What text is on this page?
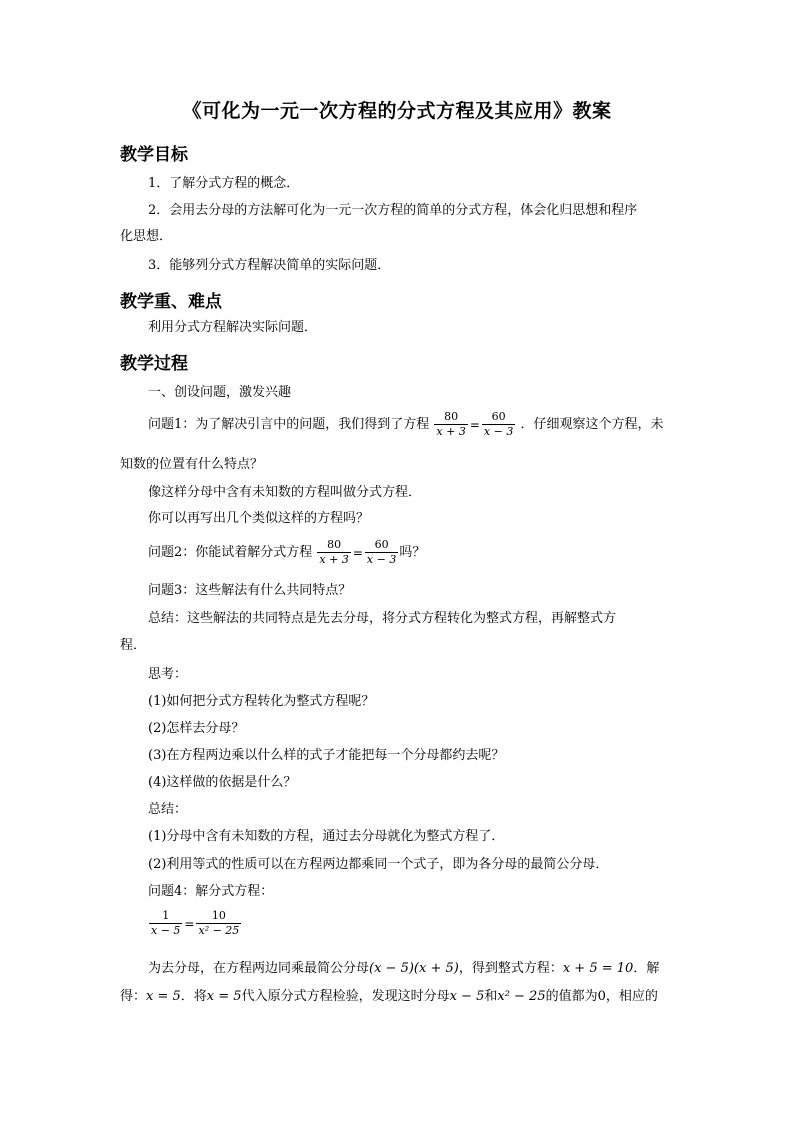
《可化为一元一次方程的分式方程及其应用》教案
教学目标
1．了解分式方程的概念．
2．会用去分母的方法解可化为一元一次方程的简单的分式方程，体会化归思想和程序
化思想．
3．能够列分式方程解决简单的实际问题．
教学重、难点
利用分式方程解决实际问题．
教学过程
一、创设问题，激发兴趣
问题1：为了解决引言中的问题，我们得到了方程 $\frac{80}{x + 3} = \frac{60}{x - 3}$ ．仔细观察这个方程，未
知数的位置有什么特点？
像这样分母中含有未知数的方程叫做分式方程．
你可以再写出几个类似这样的方程吗？
问题2：你能试着解分式方程 $\frac{80}{x + 3} = \frac{60}{x - 3}$ 吗？
问题3：这些解法有什么共同特点？
总结：这些解法的共同特点是先去分母，将分式方程转化为整式方程，再解整式方
程．
思考：
(1)如何把分式方程转化为整式方程呢？
(2)怎样去分母？
(3)在方程两边乘以什么样的式子才能把每一个分母都约去呢？
(4)这样做的依据是什么？
总结：
(1)分母中含有未知数的方程，通过去分母就化为整式方程了．
(2)利用等式的性质可以在方程两边都乘同一个式子，即为各分母的最简公分母．
问题4：解分式方程：
$\frac{1}{x - 5} = \frac{10}{\text{x² − 25}}$
为去分母，在方程两边同乘最简公分母(x − 5)(x + 5)，得到整式方程：x + 5 = 10．解
得：x = 5．将x = 5代入原分式方程检验，发现这时分母x − 5和x² − 25的值都为0，相应的
